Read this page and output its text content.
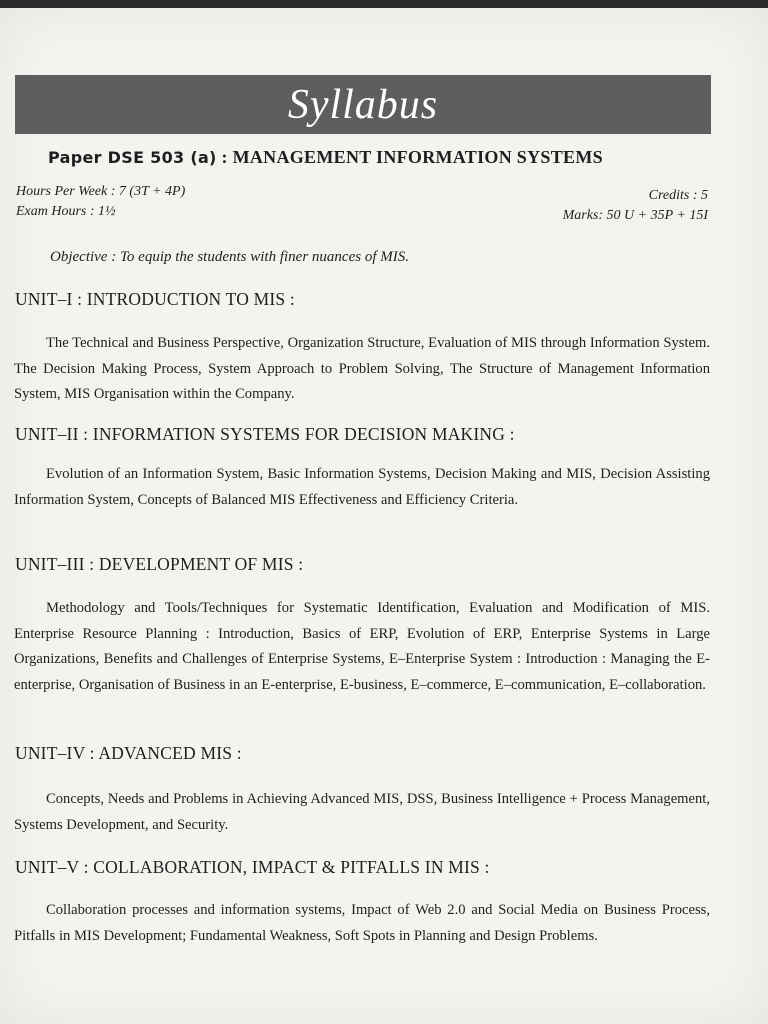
Syllabus
Paper DSE 503 (a) : MANAGEMENT INFORMATION SYSTEMS
Hours Per Week : 7 (3T + 4P)
Exam Hours : 1½
Credits : 5
Marks: 50 U + 35P + 15I
Objective : To equip the students with finer nuances of MIS.
UNIT–I : INTRODUCTION TO MIS :
The Technical and Business Perspective, Organization Structure, Evaluation of MIS through Information System. The Decision Making Process, System Approach to Problem Solving, The Structure of Management Information System, MIS Organisation within the Company.
UNIT–II : INFORMATION SYSTEMS FOR DECISION MAKING :
Evolution of an Information System, Basic Information Systems, Decision Making and MIS, Decision Assisting Information System, Concepts of Balanced MIS Effectiveness and Efficiency Criteria.
UNIT–III : DEVELOPMENT OF MIS :
Methodology and Tools/Techniques for Systematic Identification, Evaluation and Modification of MIS. Enterprise Resource Planning : Introduction, Basics of ERP, Evolution of ERP, Enterprise Systems in Large Organizations, Benefits and Challenges of Enterprise Systems, E–Enterprise System : Introduction : Managing the E-enterprise, Organisation of Business in an E-enterprise, E-business, E–commerce, E–communication, E–collaboration.
UNIT–IV : ADVANCED MIS :
Concepts, Needs and Problems in Achieving Advanced MIS, DSS, Business Intelligence + Process Management, Systems Development, and Security.
UNIT–V : COLLABORATION, IMPACT & PITFALLS IN MIS :
Collaboration processes and information systems, Impact of Web 2.0 and Social Media on Business Process, Pitfalls in MIS Development; Fundamental Weakness, Soft Spots in Planning and Design Problems.
